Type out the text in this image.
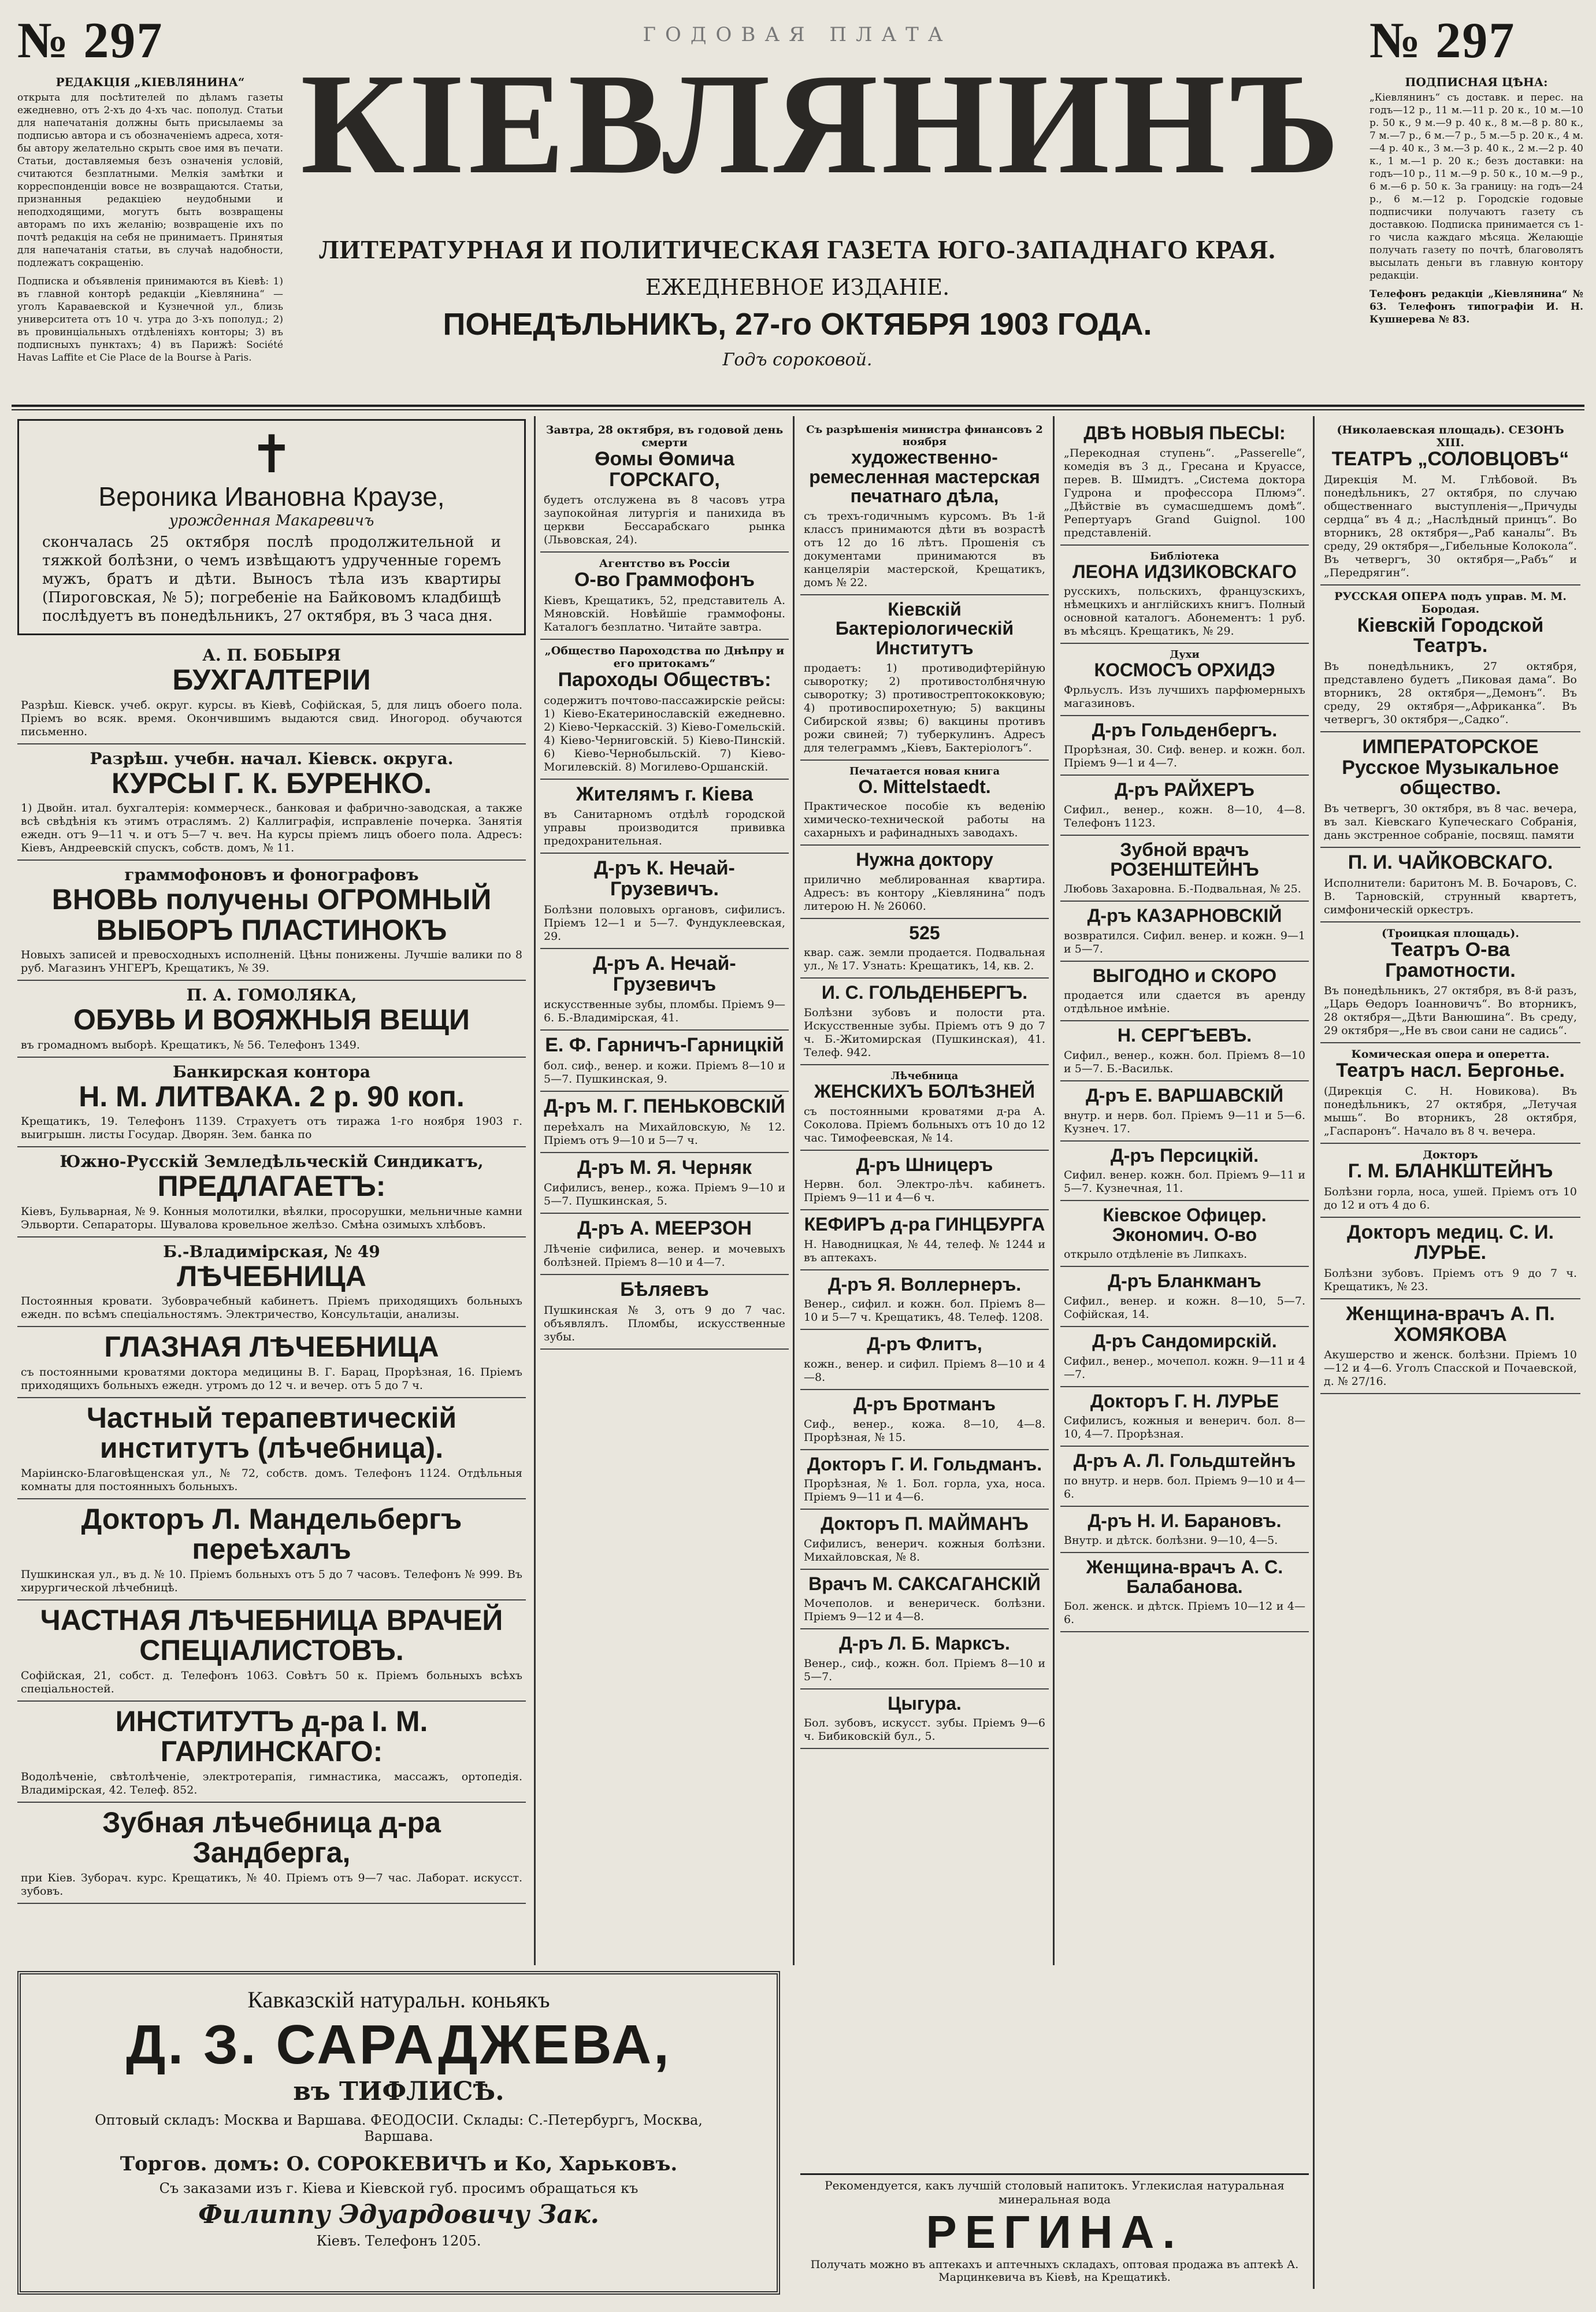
№ 297	№ 297
ГОДОВАЯ ПЛАТА
КІЕВЛЯНИНЪ
ЛИТЕРАТУРНАЯ И ПОЛИТИЧЕСКАЯ ГАЗЕТА ЮГО-ЗАПАДНАГО КРАЯ.
ЕЖЕДНЕВНОЕ ИЗДАНІЕ.
ПОНЕДѢЛЬНИКЪ, 27-го ОКТЯБРЯ 1903 ГОДА.
Годъ сороковой.
РЕДАКЦІЯ „КІЕВЛЯНИНА“
открыта для посѣтителей по дѣламъ газеты ежедневно, отъ 2-хъ до 4-хъ час. пополуд. Статьи для напечатанія должны быть присылаемы за подписью автора и съ обозначеніемъ адреса, хотя-бы автору желательно скрыть свое имя въ печати. Статьи, доставляемыя безъ означенія условій, считаются безплатными. Мелкія замѣтки и корреспонденціи вовсе не возвращаются. Статьи, признанныя редакціею неудобными и неподходящими, могутъ быть возвращены авторамъ по ихъ желанію; возвращеніе ихъ по почтѣ редакція на себя не принимаетъ. Принятыя для напечатанія статьи, въ случаѣ надобности, подлежатъ сокращенію.
Подписка и объявленія принимаются въ Кіевѣ: 1) въ главной конторѣ редакціи „Кіевлянина“ —уголъ Караваевской и Кузнечной ул., близь университета отъ 10 ч. утра до 3-хъ пополуд.; 2) въ провинціальныхъ отдѣленіяхъ конторы; 3) въ подписныхъ пунктахъ; 4) въ Парижѣ: Société Havas Laffite et Cie Place de la Bourse à Paris.
ПОДПИСНАЯ ЦѢНА:
„Кіевлянинъ“ съ доставк. и перес. на годъ—12 р., 11 м.—11 р. 20 к., 10 м.—10 р. 50 к., 9 м.—9 р. 40 к., 8 м.—8 р. 80 к., 7 м.—7 р., 6 м.—7 р., 5 м.—5 р. 20 к., 4 м.—4 р. 40 к., 3 м.—3 р. 40 к., 2 м.—2 р. 40 к., 1 м.—1 р. 20 к.; безъ доставки: на годъ—10 р., 11 м.—9 р. 50 к., 10 м.—9 р., 6 м.—6 р. 50 к. За границу: на годъ—24 р., 6 м.—12 р. Городскіе годовые подписчики получаютъ газету съ доставкою. Подписка принимается съ 1-го числа каждаго мѣсяца. Желающіе получать газету по почтѣ, благоволятъ высылать деньги въ главную контору редакціи.
Телефонъ редакціи „Кіевлянина“ № 63. Телефонъ типографіи И. Н. Кушнерева № 83.
✝
Вероника Ивановна Краузе,
урожденная Макаревичъ
скончалась 25 октября послѣ продолжительной и тяжкой болѣзни, о чемъ извѣщаютъ удрученные горемъ мужъ, братъ и дѣти. Выносъ тѣла изъ квартиры (Пироговская, № 5); погребеніе на Байковомъ кладбищѣ послѣдуетъ въ понедѣльникъ, 27 октября, въ 3 часа дня.
А. П. БОБЫРЯ
БУХГАЛТЕРІИ
Разрѣш. Кіевск. учеб. округ. курсы. въ Кіевѣ, Софійская, 5, для лицъ обоего пола. Пріемъ во всяк. время. Окончившимъ выдаются свид. Иногород. обучаются письменно.
Разрѣш. учебн. начал. Кіевск. округа.
КУРСЫ Г. К. БУРЕНКО.
1) Двойн. итал. бухгалтерія: коммерческ., банковая и фабрично-заводская, а также всѣ свѣдѣнія къ этимъ отраслямъ. 2) Каллиграфія, исправленіе почерка. Занятія ежедн. отъ 9—11 ч. и отъ 5—7 ч. веч. На курсы пріемъ лицъ обоего пола. Адресъ: Кіевъ, Андреевскій спускъ, собств. домъ, № 11.
граммофоновъ и фонографовъ
ВНОВЬ получены ОГРОМНЫЙ ВЫБОРЪ ПЛАСТИНОКЪ
Новыхъ записей и превосходныхъ исполненій. Цѣны понижены. Лучшіе валики по 8 руб. Магазинъ УНГЕРЪ, Крещатикъ, № 39.
П. А. ГОМОЛЯКА,
ОБУВЬ И ВОЯЖНЫЯ ВЕЩИ
въ громадномъ выборѣ. Крещатикъ, № 56. Телефонъ 1349.
Банкирская контора
Н. М. ЛИТВАКА. 2 р. 90 коп.
Крещатикъ, 19. Телефонъ 1139. Страхуетъ отъ тиража 1-го ноября 1903 г. выигрышн. листы Государ. Дворян. Зем. банка по
Южно-Русскій Земледѣльческій Синдикатъ,
ПРЕДЛАГАЕТЪ:
Кіевъ, Бульварная, № 9. Конныя молотилки, вѣялки, просорушки, мельничные камни Эльворти. Сепараторы. Шувалова кровельное желѣзо. Смѣна озимыхъ хлѣбовъ.
Б.-Владимірская, № 49
ЛѢЧЕБНИЦА
Постоянныя кровати. Зубоврачебный кабинетъ. Пріемъ приходящихъ больныхъ ежедн. по всѣмъ спеціальностямъ. Электричество, Консультаціи, анализы.
ГЛАЗНАЯ ЛѢЧЕБНИЦА
съ постоянными кроватями доктора медицины В. Г. Барац, Прорѣзная, 16. Пріемъ приходящихъ больныхъ ежедн. утромъ до 12 ч. и вечер. отъ 5 до 7 ч.
Частный терапевтическій институтъ (лѣчебница).
Маріинско-Благовѣщенская ул., № 72, собств. домъ. Телефонъ 1124. Отдѣльныя комнаты для постоянныхъ больныхъ.
Докторъ Л. Мандельбергъ переѣхалъ
Пушкинская ул., въ д. № 10. Пріемъ больныхъ отъ 5 до 7 часовъ. Телефонъ № 999. Въ хирургической лѣчебницѣ.
ЧАСТНАЯ ЛѢЧЕБНИЦА ВРАЧЕЙ СПЕЦІАЛИСТОВЪ.
Софійская, 21, собст. д. Телефонъ 1063. Совѣтъ 50 к. Пріемъ больныхъ всѣхъ спеціальностей.
ИНСТИТУТЪ д-ра І. М. ГАРЛИНСКАГО:
Водолѣченіе, свѣтолѣченіе, электротерапія, гимнастика, массажъ, ортопедія. Владимірская, 42. Телеф. 852.
Зубная лѣчебница д-ра Зандберга,
при Кіев. Зуборач. курс. Крещатикъ, № 40. Пріемъ отъ 9—7 час. Лаборат. искусст. зубовъ.
Завтра, 28 октября, въ годовой день смерти
Өомы Өомича ГОРСКАГО,
будетъ отслужена въ 8 часовъ утра заупокойная литургія и панихида въ церкви Бессарабскаго рынка (Львовская, 24).
Агентство въ Россіи
О-во Граммофонъ
Кіевъ, Крещатикъ, 52, представитель А. Мяновскій. Новѣйшіе граммофоны. Каталогъ безплатно. Читайте завтра.
„Общество Пароходства по Днѣпру и его притокамъ“
Пароходы Обществъ:
содержитъ почтово-пассажирскіе рейсы: 1) Кіево-Екатеринославскій ежедневно. 2) Кіево-Черкасскій. 3) Кіево-Гомельскій. 4) Кіево-Черниговскій. 5) Кіево-Пинскій. 6) Кіево-Чернобыльскій. 7) Кіево-Могилевскій. 8) Могилево-Оршанскій.
Жителямъ г. Кіева
въ Санитарномъ отдѣлѣ городской управы производится прививка предохранительная.
Д-ръ К. Нечай-Грузевичъ.
Болѣзни половыхъ органовъ, сифилисъ. Пріемъ 12—1 и 5—7. Фундуклеевская, 29.
Д-ръ А. Нечай-Грузевичъ
искусственные зубы, пломбы. Пріемъ 9—6. Б.-Владимірская, 41.
Е. Ф. Гарничъ-Гарницкій
бол. сиф., венер. и кожи. Пріемъ 8—10 и 5—7. Пушкинская, 9.
Д-ръ М. Г. ПЕНЬКОВСКІЙ
переѣхалъ на Михайловскую, № 12. Пріемъ отъ 9—10 и 5—7 ч.
Д-ръ М. Я. Черняк
Сифилисъ, венер., кожа. Пріемъ 9—10 и 5—7. Пушкинская, 5.
Д-ръ А. МЕЕРЗОН
Лѣченіе сифилиса, венер. и мочевыхъ болѣзней. Пріемъ 8—10 и 4—7.
Бѣляевъ
Пушкинская № 3, отъ 9 до 7 час. объявлялъ. Пломбы, искусственные зубы.
Съ разрѣшенія министра финансовъ 2 ноября
художественно-ремесленная мастерская печатнаго дѣла,
съ трехъ-годичнымъ курсомъ. Въ 1-й классъ принимаются дѣти въ возрастѣ отъ 12 до 16 лѣтъ. Прошенія съ документами принимаются въ канцеляріи мастерской, Крещатикъ, домъ № 22.
Кіевскій Бактеріологическій Институтъ
продаетъ: 1) противодифтерійную сыворотку; 2) противостолбнячную сыворотку; 3) противострептококковую; 4) противоспирохетную; 5) вакцины Сибирской язвы; 6) вакцины противъ рожи свиней; 7) туберкулинъ. Адресъ для телеграммъ „Кіевъ, Бактеріологъ“.
Печатается новая книга
O. Mittelstaedt.
Практическое пособіе къ веденію химическо-технической работы на сахарныхъ и рафинадныхъ заводахъ.
Нужна доктору
прилично меблированная квартира. Адресъ: въ контору „Кіевлянина“ подъ литерою Н. № 26060.
525
квар. саж. земли продается. Подвальная ул., № 17. Узнать: Крещатикъ, 14, кв. 2.
И. С. ГОЛЬДЕНБЕРГЪ.
Болѣзни зубовъ и полости рта. Искусственные зубы. Пріемъ отъ 9 до 7 ч. Б.-Житомирская (Пушкинская), 41. Телеф. 942.
Лѣчебница
ЖЕНСКИХЪ БОЛѢЗНЕЙ
съ постоянными кроватями д-ра А. Соколова. Пріемъ больныхъ отъ 10 до 12 час. Тимофеевская, № 14.
Д-ръ Шницеръ
Нервн. бол. Электро-лѣч. кабинетъ. Пріемъ 9—11 и 4—6 ч.
КЕФИРЪ д-ра ГИНЦБУРГА
Н. Наводницкая, № 44, телеф. № 1244 и въ аптекахъ.
Д-ръ Я. Воллернеръ.
Венер., сифил. и кожн. бол. Пріемъ 8—10 и 5—7 ч. Крещатикъ, 48. Телеф. 1208.
Д-ръ Флитъ,
кожн., венер. и сифил. Пріемъ 8—10 и 4—8.
Д-ръ Бротманъ
Сиф., венер., кожа. 8—10, 4—8. Прорѣзная, № 15.
Докторъ Г. И. Гольдманъ.
Прорѣзная, № 1. Бол. горла, уха, носа. Пріемъ 9—11 и 4—6.
Докторъ П. МАЙМАНЪ
Сифилисъ, венерич. кожныя болѣзни. Михайловская, № 8.
Врачъ М. САКСАГАНСКІЙ
Мочеполов. и венерическ. болѣзни. Пріемъ 9—12 и 4—8.
Д-ръ Л. Б. Марксъ.
Венер., сиф., кожн. бол. Пріемъ 8—10 и 5—7.
Цыгура.
Бол. зубовъ, искусст. зубы. Пріемъ 9—6 ч. Бибиковскій бул., 5.
ДВѢ НОВЫЯ ПЬЕСЫ:
„Перекодная ступень“. „Passerelle“, комедія въ 3 д., Гресана и Круассе, перев. В. Шмидтъ. „Система доктора Гудрона и профессора Плюмэ“. „Дѣйствіе въ сумасшедшемъ домѣ“. Репертуаръ Grand Guignol. 100 представленій.
Библіотека
ЛЕОНА ИДЗИКОВСКАГО
русскихъ, польскихъ, французскихъ, нѣмецкихъ и англійскихъ книгъ. Полный основной каталогъ. Абонементъ: 1 руб. въ мѣсяцъ. Крещатикъ, № 29.
Духи
КОСМОСЪ ОРХИДЭ
Фрльуслъ. Изъ лучшихъ парфюмерныхъ магазиновъ.
Д-ръ Гольденбергъ.
Прорѣзная, 30. Сиф. венер. и кожн. бол. Пріемъ 9—1 и 4—7.
Д-ръ РАЙХЕРЪ
Сифил., венер., кожн. 8—10, 4—8. Телефонъ 1123.
Зубной врачъ РОЗЕНШТЕЙНЪ
Любовь Захаровна. Б.-Подвальная, № 25.
Д-ръ КАЗАРНОВСКІЙ
возвратился. Сифил. венер. и кожн. 9—1 и 5—7.
ВЫГОДНО и СКОРО
продается или сдается въ аренду отдѣльное имѣніе.
Н. СЕРГѢЕВЪ.
Сифил., венер., кожн. бол. Пріемъ 8—10 и 5—7. Б.-Васильк.
Д-ръ Е. ВАРШАВСКІЙ
внутр. и нерв. бол. Пріемъ 9—11 и 5—6. Кузнеч. 17.
Д-ръ Персицкій.
Сифил. венер. кожн. бол. Пріемъ 9—11 и 5—7. Кузнечная, 11.
Кіевское Офицер. Экономич. О-во
открыло отдѣленіе въ Липкахъ.
Д-ръ Бланкманъ
Сифил., венер. и кожн. 8—10, 5—7. Софійская, 14.
Д-ръ Сандомирскій.
Сифил., венер., мочепол. кожн. 9—11 и 4—7.
Докторъ Г. Н. ЛУРЬЕ
Сифилисъ, кожныя и венерич. бол. 8—10, 4—7. Прорѣзная.
Д-ръ А. Л. Гольдштейнъ
по внутр. и нерв. бол. Пріемъ 9—10 и 4—6.
Д-ръ Н. И. Барановъ.
Внутр. и дѣтск. болѣзни. 9—10, 4—5.
Женщина-врачъ А. С. Балабанова.
Бол. женск. и дѣтск. Пріемъ 10—12 и 4—6.
(Николаевская площадь). СЕЗОНЪ XIII.
ТЕАТРЪ „СОЛОВЦОВЪ“
Дирекція М. М. Глѣбовой. Въ понедѣльникъ, 27 октября, по случаю общественнаго выступленія—„Причуды сердца“ въ 4 д.; „Наслѣдный принцъ“. Во вторникъ, 28 октября—„Раб каналы“. Въ среду, 29 октября—„Гибельные Колокола“. Въ четвергъ, 30 октября—„Рабъ“ и „Передрягин“.
РУССКАЯ ОПЕРА подъ управ. М. М. Бородая.
Кіевскій Городской Театръ.
Въ понедѣльникъ, 27 октября, представлено будетъ „Пиковая дама“. Во вторникъ, 28 октября—„Демонъ“. Въ среду, 29 октября—„Африканка“. Въ четвергъ, 30 октября—„Садко“.
ИМПЕРАТОРСКОЕ Русское Музыкальное общество.
Въ четвергъ, 30 октября, въ 8 час. вечера, въ зал. Кіевскаго Купеческаго Собранія, дань экстренное собраніе, посвящ. памяти
П. И. ЧАЙКОВСКАГО.
Исполнители: баритонъ М. В. Бочаровъ, С. В. Тарновскій, струнный квартетъ, симфоническій оркестръ.
(Троицкая площадь).
Театръ О-ва Грамотности.
Въ понедѣльникъ, 27 октября, въ 8-й разъ, „Царь Өедоръ Іоанновичъ“. Во вторникъ, 28 октября—„Дѣти Ванюшина“. Въ среду, 29 октября—„Не въ свои сани не садись“.
Комическая опера и оперетта.
Театръ насл. Бергонье.
(Дирекція С. Н. Новикова). Въ понедѣльникъ, 27 октября, „Летучая мышь“. Во вторникъ, 28 октября, „Гаспаронъ“. Начало въ 8 ч. вечера.
Докторъ
Г. М. БЛАНКШТЕЙНЪ
Болѣзни горла, носа, ушей. Пріемъ отъ 10 до 12 и отъ 4 до 6.
Докторъ медиц. С. И. ЛУРЬЕ.
Болѣзни зубовъ. Пріемъ отъ 9 до 7 ч. Крещатикъ, № 23.
Женщина-врачъ А. П. ХОМЯКОВА
Акушерство и женск. болѣзни. Пріемъ 10—12 и 4—6. Уголъ Спасской и Почаевской, д. № 27/16.
Кавказскій натуральн. коньякъ
Д. З. САРАДЖЕВА,
въ ТИФЛИСѢ.
Оптовый складъ: Москва и Варшава. ФЕОДОСІИ. Склады: С.-Петербургъ, Москва, Варшава.
Торгов. домъ: О. СОРОКЕВИЧЪ и Ко, Харьковъ.
Съ заказами изъ г. Кіева и Кіевской губ. просимъ обращаться къ
Филиппу Эдуардовичу Зак.
Кіевъ. Телефонъ 1205.
Рекомендуется, какъ лучшій столовый напитокъ. Углекислая натуральная минеральная вода
РЕГИНА.
Получать можно въ аптекахъ и аптечныхъ складахъ, оптовая продажа въ аптекѣ А. Марцинкевича въ Кіевѣ, на Крещатикѣ.
